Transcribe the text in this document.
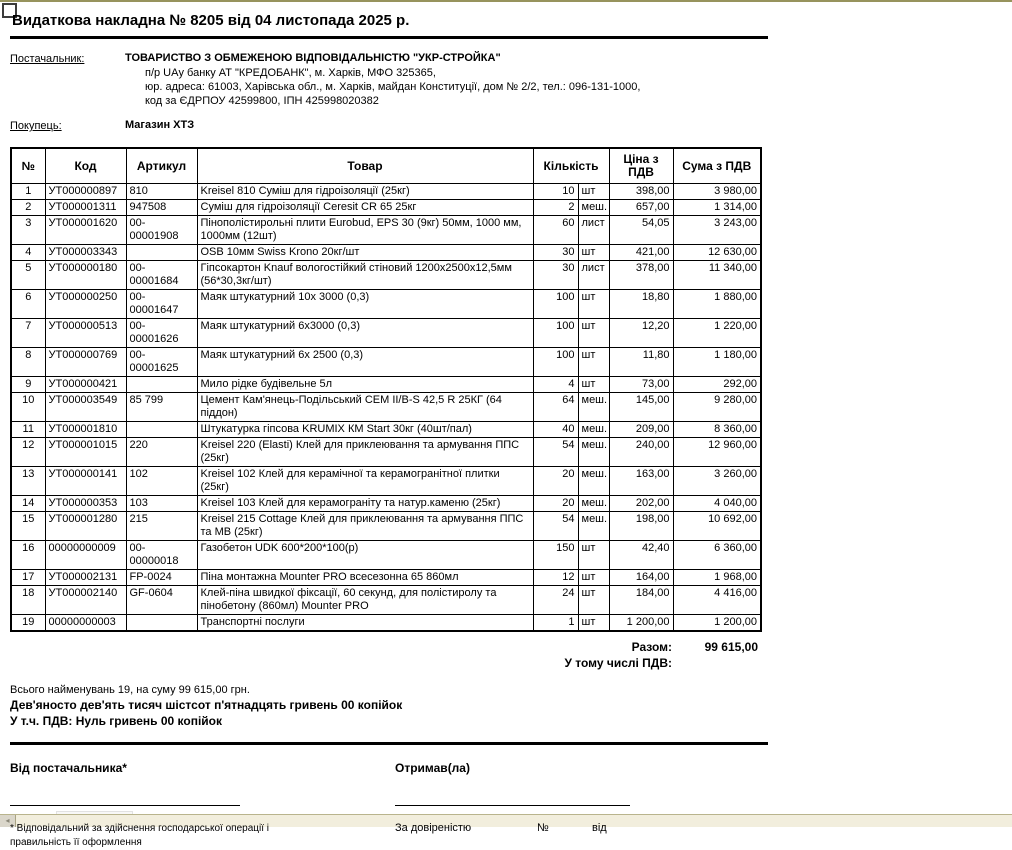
◂
Видаткова накладна № 8205 від 04 листопада 2025 р.
Постачальник:	ТОВАРИСТВО З ОБМЕЖЕНОЮ ВІДПОВІДАЛЬНІСТЮ "УКР-СТРОЙКА"
п/р UAу банку АТ "КРЕДОБАНК", м. Харків, МФО 325365,
юр. адреса: 61003, Харівська обл., м. Харків, майдан Конституції, дом № 2/2, тел.: 096-131-1000,
код за ЄДРПОУ 42599800, ІПН 425998020382
Покупець:	Магазин ХТЗ
№	Код	Артикул	Товар	Кількість		Ціна з ПДВ	Сума з ПДВ
1	УТ000000897	810	Kreisel 810 Суміш для гідроізоляції (25кг)	10	шт	398,00	3 980,00
2	УТ000001311	947508	Суміш для гідроізоляції Ceresit CR 65 25кг	2	меш.	657,00	1 314,00
3	УТ000001620	00-00001908	Пінополістирольні плити Eurobud, EPS 30 (9кг) 50мм, 1000 мм, 1000мм (12шт)	60	лист	54,05	3 243,00
4	УТ000003343		OSB 10мм Swiss Krono 20кг/шт	30	шт	421,00	12 630,00
5	УТ000000180	00-00001684	Гіпсокартон Knauf вологостійкий стіновий 1200х2500х12,5мм (56*30,3кг/шт)	30	лист	378,00	11 340,00
6	УТ000000250	00-00001647	Маяк штукатурний 10х 3000 (0,3)	100	шт	18,80	1 880,00
7	УТ000000513	00-00001626	Маяк штукатурний 6х3000 (0,3)	100	шт	12,20	1 220,00
8	УТ000000769	00-00001625	Маяк штукатурний 6х 2500 (0,3)	100	шт	11,80	1 180,00
9	УТ000000421		Мило рідке будівельне 5л	4	шт	73,00	292,00
10	УТ000003549	85 799	Цемент Кам'янець-Подільський CEM II/B-S 42,5 R 25КГ (64 піддон)	64	меш.	145,00	9 280,00
11	УТ000001810		Штукатурка гіпсова KRUMIX КМ Start 30кг (40шт/пал)	40	меш.	209,00	8 360,00
12	УТ000001015	220	Kreisel 220 (Elasti) Клей для приклеювання та армування ППС (25кг)	54	меш.	240,00	12 960,00
13	УТ000000141	102	Kreisel 102 Клей для керамічної та керамогранітної плитки (25кг)	20	меш.	163,00	3 260,00
14	УТ000000353	103	Kreisel 103 Клей для керамограніту та натур.каменю (25кг)	20	меш.	202,00	4 040,00
15	УТ000001280	215	Kreisel 215 Cottage Клей для приклеювання та армування ППС та МВ (25кг)	54	меш.	198,00	10 692,00
16	00000000009	00-00000018	Газобетон UDK 600*200*100(р)	150	шт	42,40	6 360,00
17	УТ000002131	FP-0024	Піна монтажна Mounter PRO всесезонна 65 860мл	12	шт	164,00	1 968,00
18	УТ000002140	GF-0604	Клей-піна швидкої фіксації, 60 секунд, для полістиролу та пінобетону (860мл) Mounter PRO	24	шт	184,00	4 416,00
19	00000000003		Транспортні послуги	1	шт	1 200,00	1 200,00
Разом:	99 615,00
У тому числі ПДВ:
Всього найменувань 19, на суму 99 615,00 грн.
Дев'яносто дев'ять тисяч шістсот п'ятнадцять гривень 00 копійок
У т.ч. ПДВ: Нуль гривень 00 копійок
Від постачальника*
* Відповідальний за здійснення господарської операції і
правильність її оформлення
Отримав(ла)
За довіреністю	№	від
